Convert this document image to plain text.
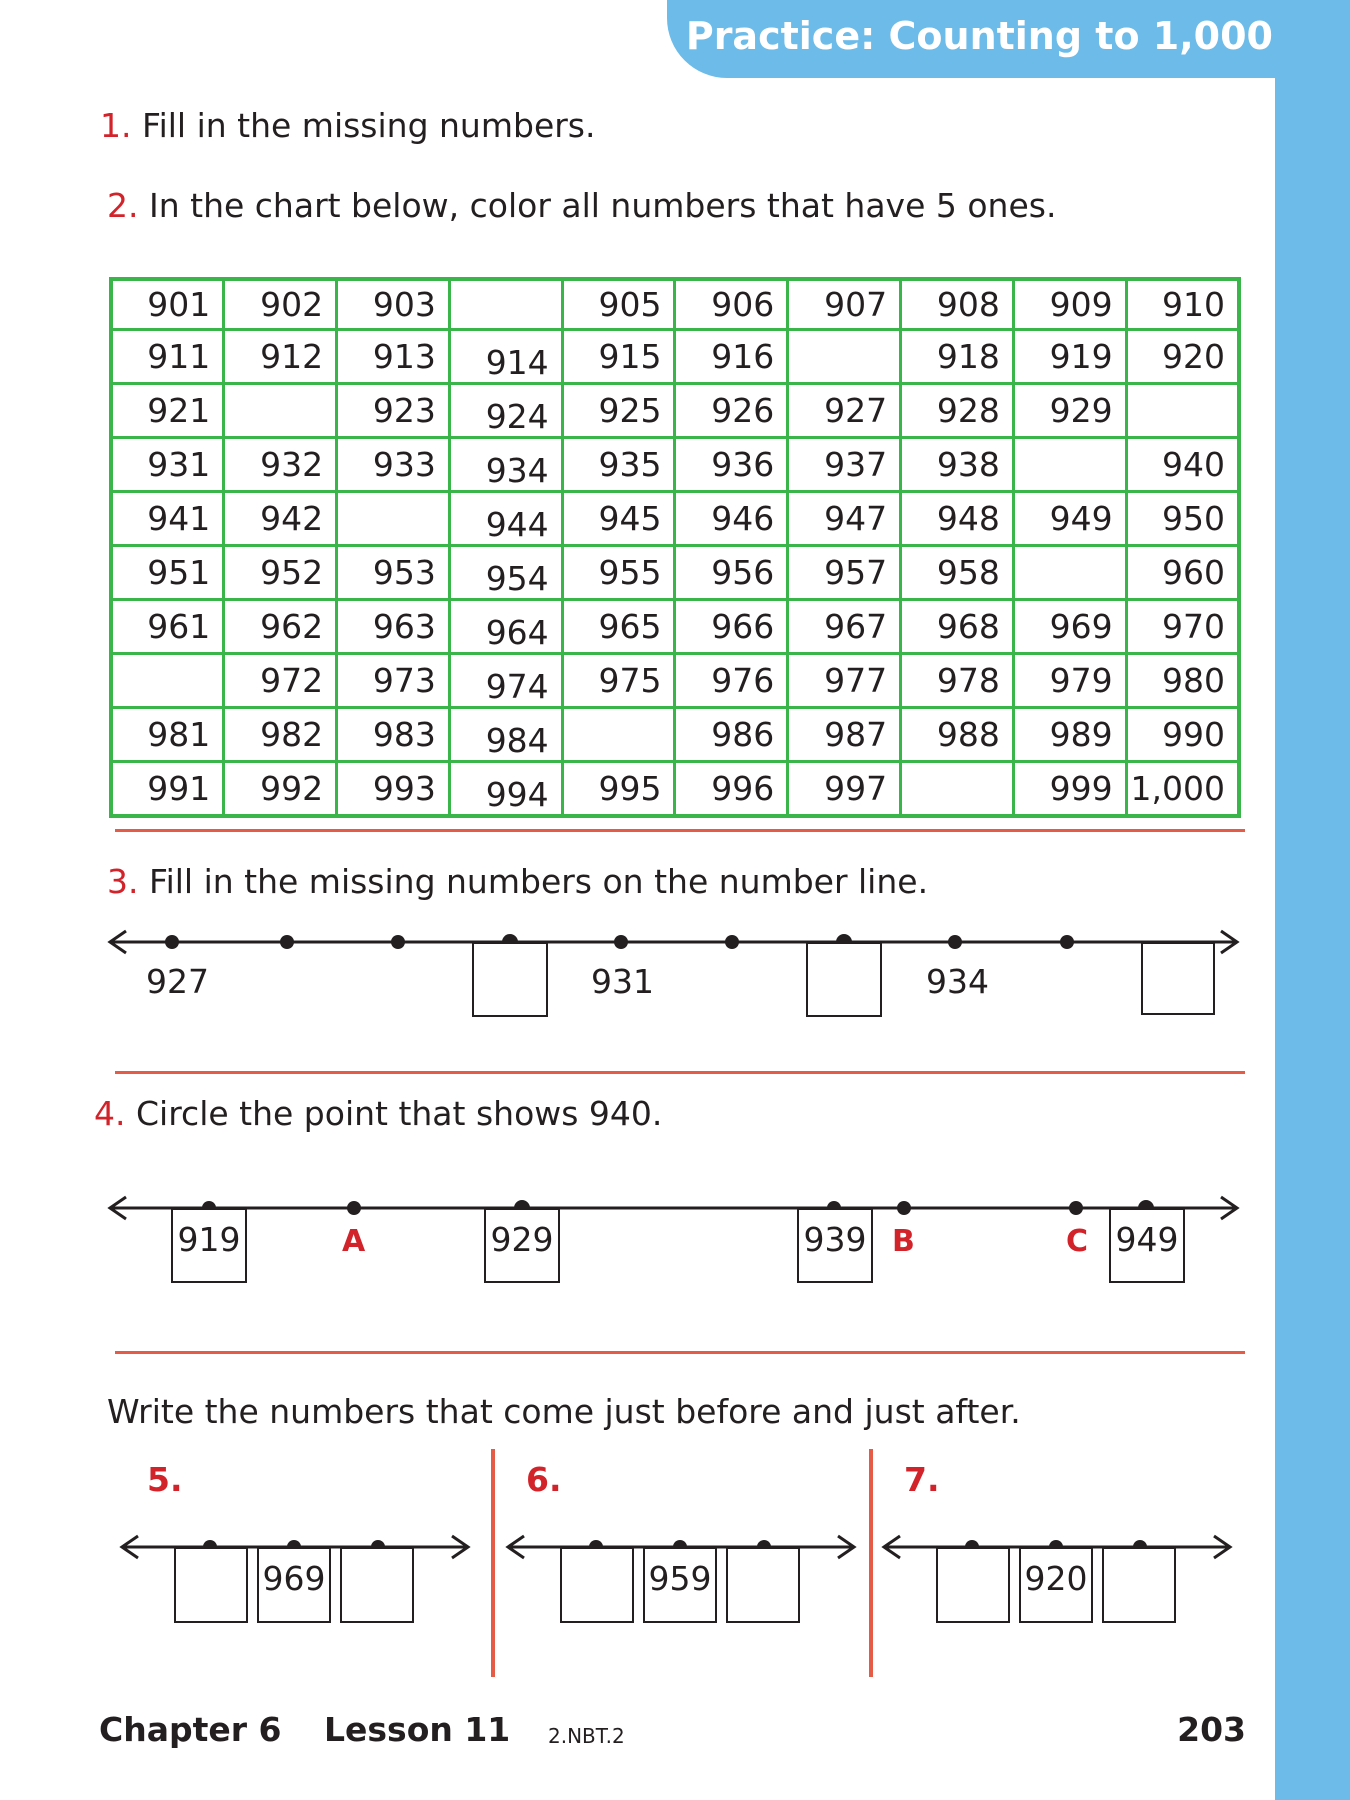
Practice: Counting to 1,000
1. Fill in the missing numbers.
2. In the chart below, color all numbers that have 5 ones.
901	902	903		905	906	907	908	909	910
911	912	913	914	915	916		918	919	920
921		923	924	925	926	927	928	929	
931	932	933	934	935	936	937	938		940
941	942		944	945	946	947	948	949	950
951	952	953	954	955	956	957	958		960
961	962	963	964	965	966	967	968	969	970
	972	973	974	975	976	977	978	979	980
981	982	983	984		986	987	988	989	990
991	992	993	994	995	996	997		999	1,000
3. Fill in the missing numbers on the number line.
927	931	934
4. Circle the point that shows 940.
919	A	929	939 B	C 949
Write the numbers that come just before and just after.
5.
969
6.
959
7.
920
Chapter 6 Lesson 11 2.NBT.2	203
